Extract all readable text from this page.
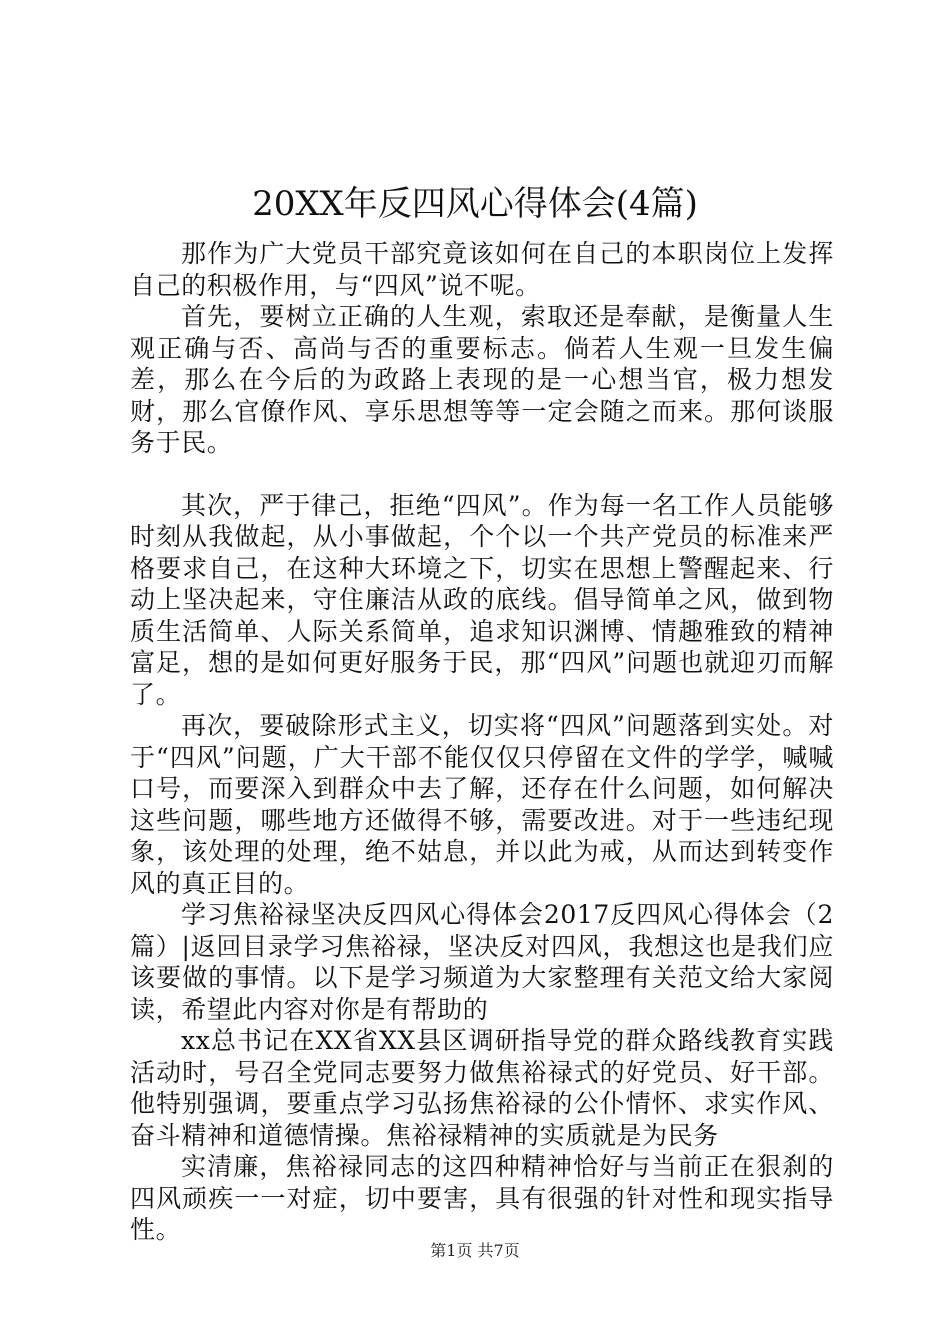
20XX年反四风心得体会(4篇)

那作为广大党员干部究竟该如何在自己的本职岗位上发挥自己的积极作用，与“四风”说不呢。

首先，要树立正确的人生观，索取还是奉献，是衡量人生观正确与否、高尚与否的重要标志。倘若人生观一旦发生偏差，那么在今后的为政路上表现的是一心想当官，极力想发财，那么官僚作风、享乐思想等等一定会随之而来。那何谈服务于民。

其次，严于律己，拒绝“四风”。作为每一名工作人员能够时刻从我做起，从小事做起，个个以一个共产党员的标准来严格要求自己，在这种大环境之下，切实在思想上警醒起来、行动上坚决起来，守住廉洁从政的底线。倡导简单之风，做到物质生活简单、人际关系简单，追求知识渊博、情趣雅致的精神富足，想的是如何更好服务于民，那“四风”问题也就迎刃而解了。

再次，要破除形式主义，切实将“四风”问题落到实处。对于“四风”问题，广大干部不能仅仅只停留在文件的学学，喊喊口号，而要深入到群众中去了解，还存在什么问题，如何解决这些问题，哪些地方还做得不够，需要改进。对于一些违纪现象，该处理的处理，绝不姑息，并以此为戒，从而达到转变作风的真正目的。

学习焦裕禄坚决反四风心得体会2017反四风心得体会（2篇）|返回目录学习焦裕禄，坚决反对四风，我想这也是我们应该要做的事情。以下是学习频道为大家整理有关范文给大家阅读，希望此内容对你是有帮助的

xx总书记在XX省XX县区调研指导党的群众路线教育实践活动时，号召全党同志要努力做焦裕禄式的好党员、好干部。他特别强调，要重点学习弘扬焦裕禄的公仆情怀、求实作风、奋斗精神和道德情操。焦裕禄精神的实质就是为民务

实清廉，焦裕禄同志的这四种精神恰好与当前正在狠刹的四风顽疾一一对症，切中要害，具有很强的针对性和现实指导性。

第1页 共7页
